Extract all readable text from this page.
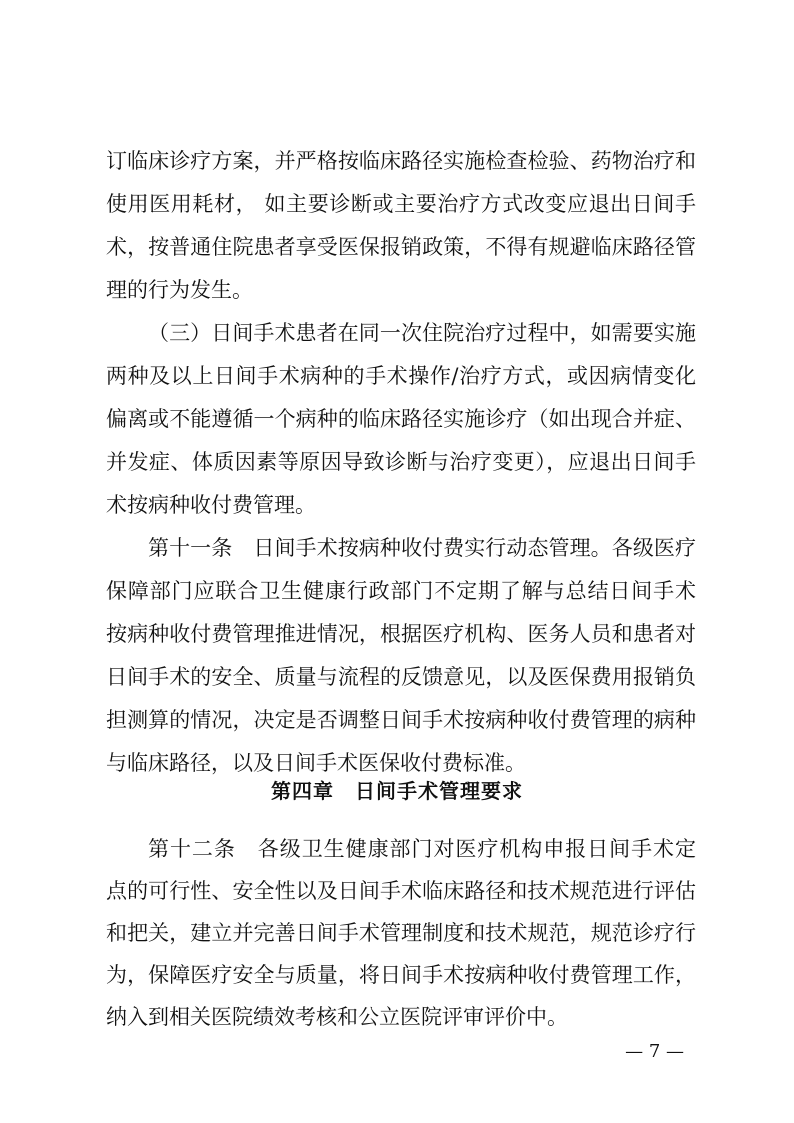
订临床诊疗方案，并严格按临床路径实施检查检验、药物治疗和
使用医用耗材， 如主要诊断或主要治疗方式改变应退出日间手
术，按普通住院患者享受医保报销政策，不得有规避临床路径管
理的行为发生。
（三）日间手术患者在同一次住院治疗过程中，如需要实施
两种及以上日间手术病种的手术操作/治疗方式，或因病情变化
偏离或不能遵循一个病种的临床路径实施诊疗（如出现合并症、
并发症、体质因素等原因导致诊断与治疗变更），应退出日间手
术按病种收付费管理。
第十一条　日间手术按病种收付费实行动态管理。各级医疗
保障部门应联合卫生健康行政部门不定期了解与总结日间手术
按病种收付费管理推进情况，根据医疗机构、医务人员和患者对
日间手术的安全、质量与流程的反馈意见，以及医保费用报销负
担测算的情况，决定是否调整日间手术按病种收付费管理的病种
与临床路径，以及日间手术医保收付费标准。
第四章　日间手术管理要求
第十二条　各级卫生健康部门对医疗机构申报日间手术定
点的可行性、安全性以及日间手术临床路径和技术规范进行评估
和把关，建立并完善日间手术管理制度和技术规范，规范诊疗行
为，保障医疗安全与质量，将日间手术按病种收付费管理工作，
纳入到相关医院绩效考核和公立医院评审评价中。
— 7 —
